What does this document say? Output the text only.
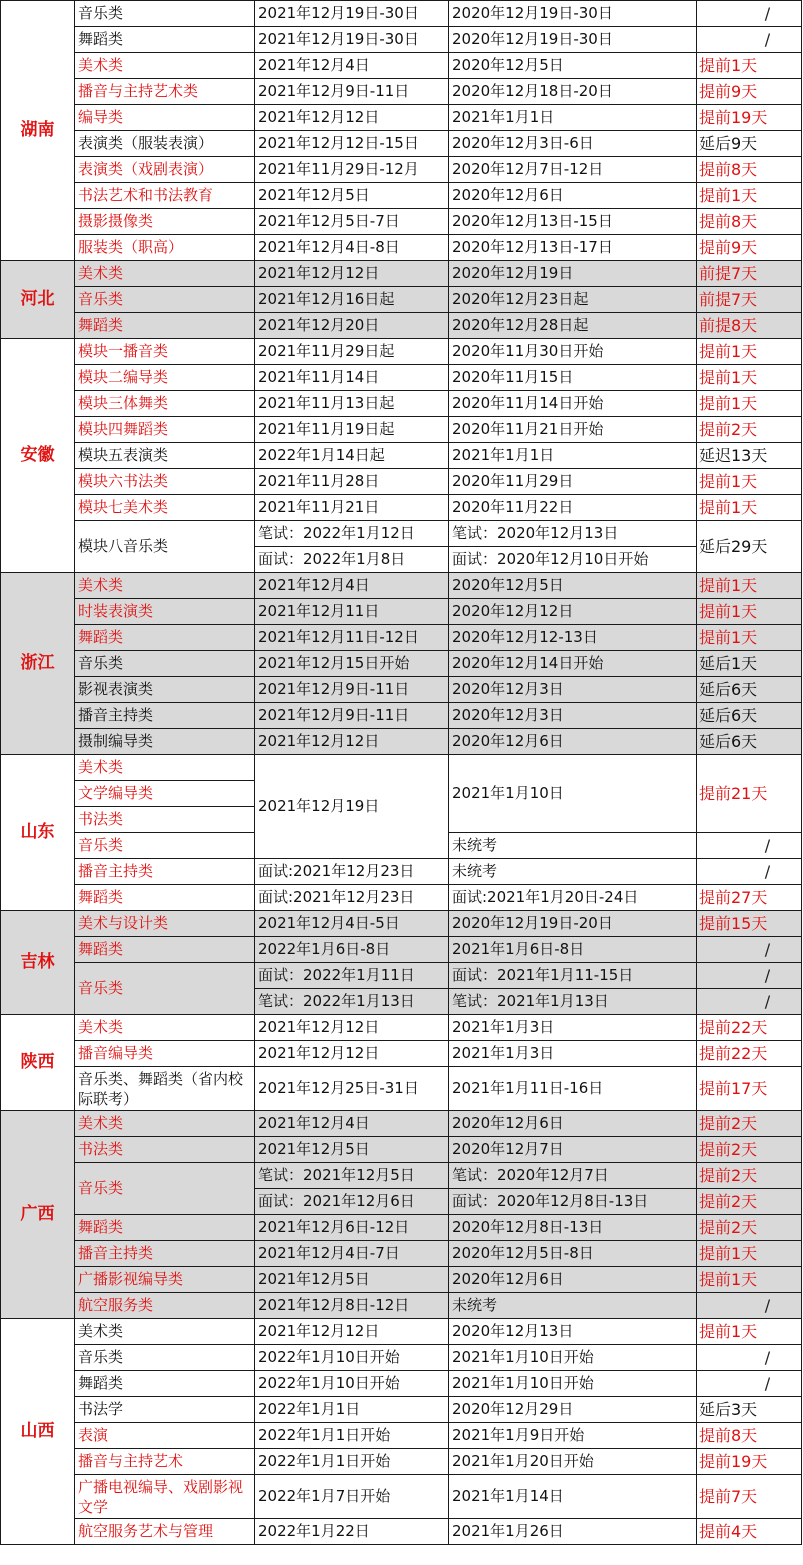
湖南	音乐类	2021年12月19日-30日	2020年12月19日-30日	/
	舞蹈类	2021年12月19日-30日	2020年12月19日-30日	/
	美术类	2021年12月4日	2020年12月5日	提前1天
	播音与主持艺术类	2021年12月9日-11日	2020年12月18日-20日	提前9天
	编导类	2021年12月12日	2021年1月1日	提前19天
	表演类（服装表演）	2021年12月12日-15日	2020年12月3日-6日	延后9天
	表演类（戏剧表演）	2021年11月29日-12月	2020年12月7日-12日	提前8天
	书法艺术和书法教育	2021年12月5日	2020年12月6日	提前1天
	摄影摄像类	2021年12月5日-7日	2020年12月13日-15日	提前8天
	服装类（职高）	2021年12月4日-8日	2020年12月13日-17日	提前9天
河北	美术类	2021年12月12日	2020年12月19日	前提7天
	音乐类	2021年12月16日起	2020年12月23日起	前提7天
	舞蹈类	2021年12月20日	2020年12月28日起	前提8天
安徽	模块一播音类	2021年11月29日起	2020年11月30日开始	提前1天
	模块二编导类	2021年11月14日	2020年11月15日	提前1天
	模块三体舞类	2021年11月13日起	2020年11月14日开始	提前1天
	模块四舞蹈类	2021年11月19日起	2020年11月21日开始	提前2天
	模块五表演类	2022年1月14日起	2021年1月1日	延迟13天
	模块六书法类	2021年11月28日	2020年11月29日	提前1天
	模块七美术类	2021年11月21日	2020年11月22日	提前1天
	模块八音乐类	笔试：2022年1月12日	笔试：2020年12月13日	延后29天
		面试：2022年1月8日	面试：2020年12月10日开始	
浙江	美术类	2021年12月4日	2020年12月5日	提前1天
	时装表演类	2021年12月11日	2020年12月12日	提前1天
	舞蹈类	2021年12月11日-12日	2020年12月12-13日	提前1天
	音乐类	2021年12月15日开始	2020年12月14日开始	延后1天
	影视表演类	2021年12月9日-11日	2020年12月3日	延后6天
	播音主持类	2021年12月9日-11日	2020年12月3日	延后6天
	摄制编导类	2021年12月12日	2020年12月6日	延后6天
山东	美术类	2021年12月19日	2021年1月10日	提前21天
	文学编导类			
	书法类			
	音乐类		未统考	/
	播音主持类	面试:2021年12月23日	未统考	/
	舞蹈类	面试:2021年12月23日	面试:2021年1月20日-24日	提前27天
吉林	美术与设计类	2021年12月4日-5日	2020年12月19日-20日	提前15天
	舞蹈类	2022年1月6日-8日	2021年1月6日-8日	/
	音乐类	面试：2022年1月11日	面试：2021年1月11-15日	/
		笔试：2022年1月13日	笔试：2021年1月13日	/
陕西	美术类	2021年12月12日	2021年1月3日	提前22天
	播音编导类	2021年12月12日	2021年1月3日	提前22天
	音乐类、舞蹈类（省内校际联考）	2021年12月25日-31日	2021年1月11日-16日	提前17天
广西	美术类	2021年12月4日	2020年12月6日	提前2天
	书法类	2021年12月5日	2020年12月7日	提前2天
	音乐类	笔试：2021年12月5日	笔试：2020年12月7日	提前2天
		面试：2021年12月6日	面试：2020年12月8日-13日	提前2天
	舞蹈类	2021年12月6日-12日	2020年12月8日-13日	提前2天
	播音主持类	2021年12月4日-7日	2020年12月5日-8日	提前1天
	广播影视编导类	2021年12月5日	2020年12月6日	提前1天
	航空服务类	2021年12月8日-12日	未统考	/
山西	美术类	2021年12月12日	2020年12月13日	提前1天
	音乐类	2022年1月10日开始	2021年1月10日开始	/
	舞蹈类	2022年1月10日开始	2021年1月10日开始	/
	书法学	2022年1月1日	2020年12月29日	延后3天
	表演	2022年1月1日开始	2021年1月9日开始	提前8天
	播音与主持艺术	2022年1月1日开始	2021年1月20日开始	提前19天
	广播电视编导、戏剧影视文学	2022年1月7日开始	2021年1月14日	提前7天
	航空服务艺术与管理	2022年1月22日	2021年1月26日	提前4天
